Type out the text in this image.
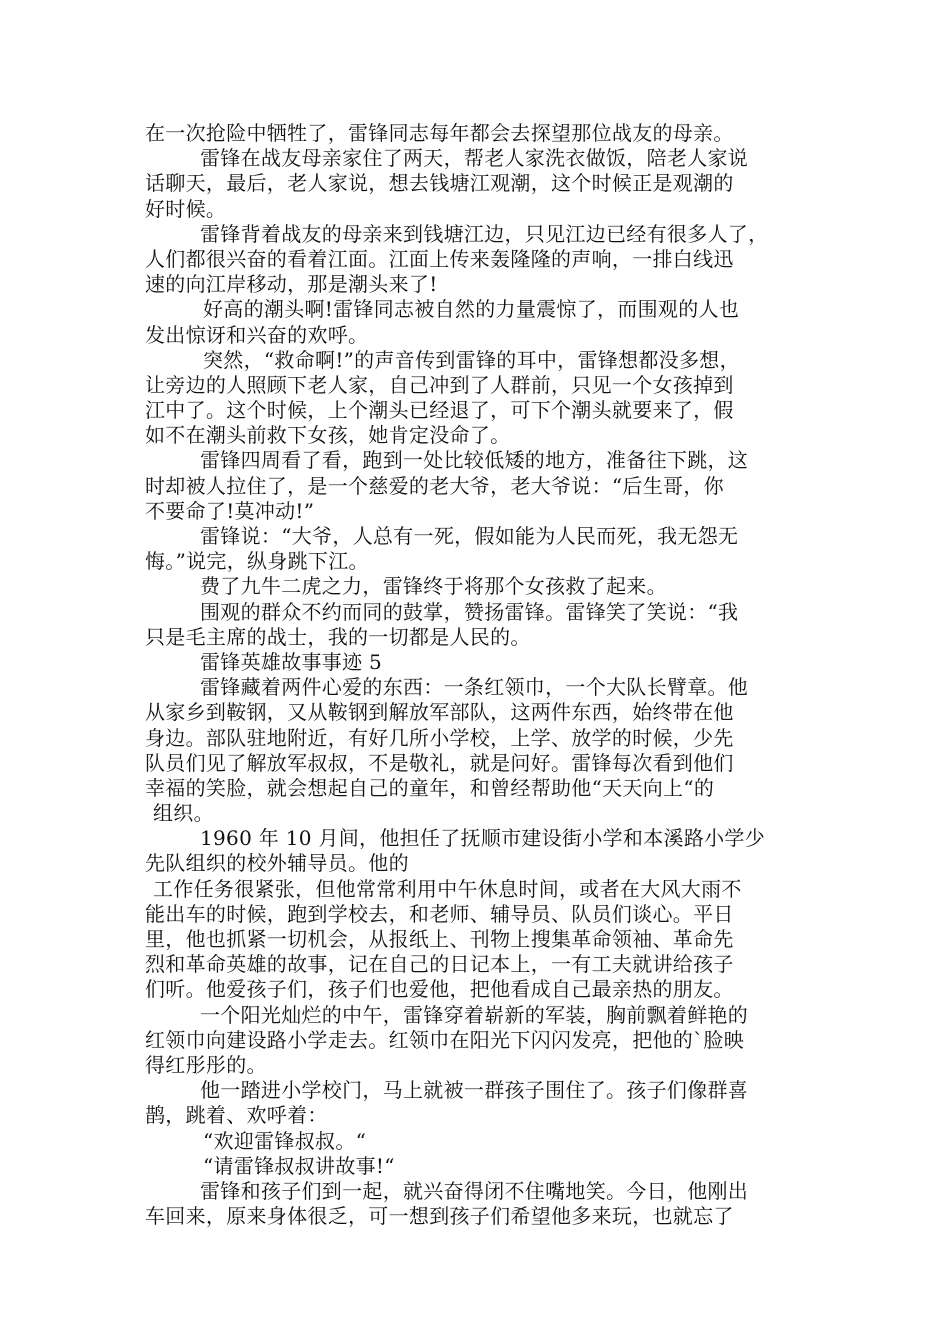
在一次抢险中牺牲了，雷锋同志每年都会去探望那位战友的母亲。
雷锋在战友母亲家住了两天，帮老人家洗衣做饭，陪老人家说
话聊天，最后，老人家说，想去钱塘江观潮，这个时候正是观潮的
好时候。
雷锋背着战友的母亲来到钱塘江边，只见江边已经有很多人了，
人们都很兴奋的看着江面。江面上传来轰隆隆的声响，一排白线迅
速的向江岸移动，那是潮头来了!
好高的潮头啊!雷锋同志被自然的力量震惊了，而围观的人也
发出惊讶和兴奋的欢呼。
突然，“救命啊!”的声音传到雷锋的耳中，雷锋想都没多想，
让旁边的人照顾下老人家，自己冲到了人群前，只见一个女孩掉到
江中了。这个时候，上个潮头已经退了，可下个潮头就要来了，假
如不在潮头前救下女孩，她肯定没命了。
雷锋四周看了看，跑到一处比较低矮的地方，准备往下跳，这
时却被人拉住了，是一个慈爱的老大爷，老大爷说：“后生哥，你
不要命了!莫冲动!”
雷锋说：“大爷，人总有一死，假如能为人民而死，我无怨无
悔。”说完，纵身跳下江。
费了九牛二虎之力，雷锋终于将那个女孩救了起来。
围观的群众不约而同的鼓掌，赞扬雷锋。雷锋笑了笑说：“我
只是毛主席的战士，我的一切都是人民的。
雷锋英雄故事事迹 5
雷锋藏着两件心爱的东西：一条红领巾，一个大队长臂章。他
从家乡到鞍钢，又从鞍钢到解放军部队，这两件东西，始终带在他
身边。部队驻地附近，有好几所小学校，上学、放学的时候，少先
队员们见了解放军叔叔，不是敬礼，就是问好。雷锋每次看到他们
幸福的笑脸，就会想起自己的童年，和曾经帮助他“天天向上“的
组织。
1960 年 10 月间，他担任了抚顺市建设街小学和本溪路小学少
先队组织的校外辅导员。他的
工作任务很紧张，但他常常利用中午休息时间，或者在大风大雨不
能出车的时候，跑到学校去，和老师、辅导员、队员们谈心。平日
里，他也抓紧一切机会，从报纸上、刊物上搜集革命领袖、革命先
烈和革命英雄的故事，记在自己的日记本上，一有工夫就讲给孩子
们听。他爱孩子们，孩子们也爱他，把他看成自己最亲热的朋友。
一个阳光灿烂的中午，雷锋穿着崭新的军装，胸前飘着鲜艳的
红领巾向建设路小学走去。红领巾在阳光下闪闪发亮，把他的`脸映
得红彤彤的。
他一踏进小学校门，马上就被一群孩子围住了。孩子们像群喜
鹊，跳着、欢呼着：
“欢迎雷锋叔叔。“
“请雷锋叔叔讲故事!“
雷锋和孩子们到一起，就兴奋得闭不住嘴地笑。今日，他刚出
车回来，原来身体很乏，可一想到孩子们希望他多来玩，也就忘了
